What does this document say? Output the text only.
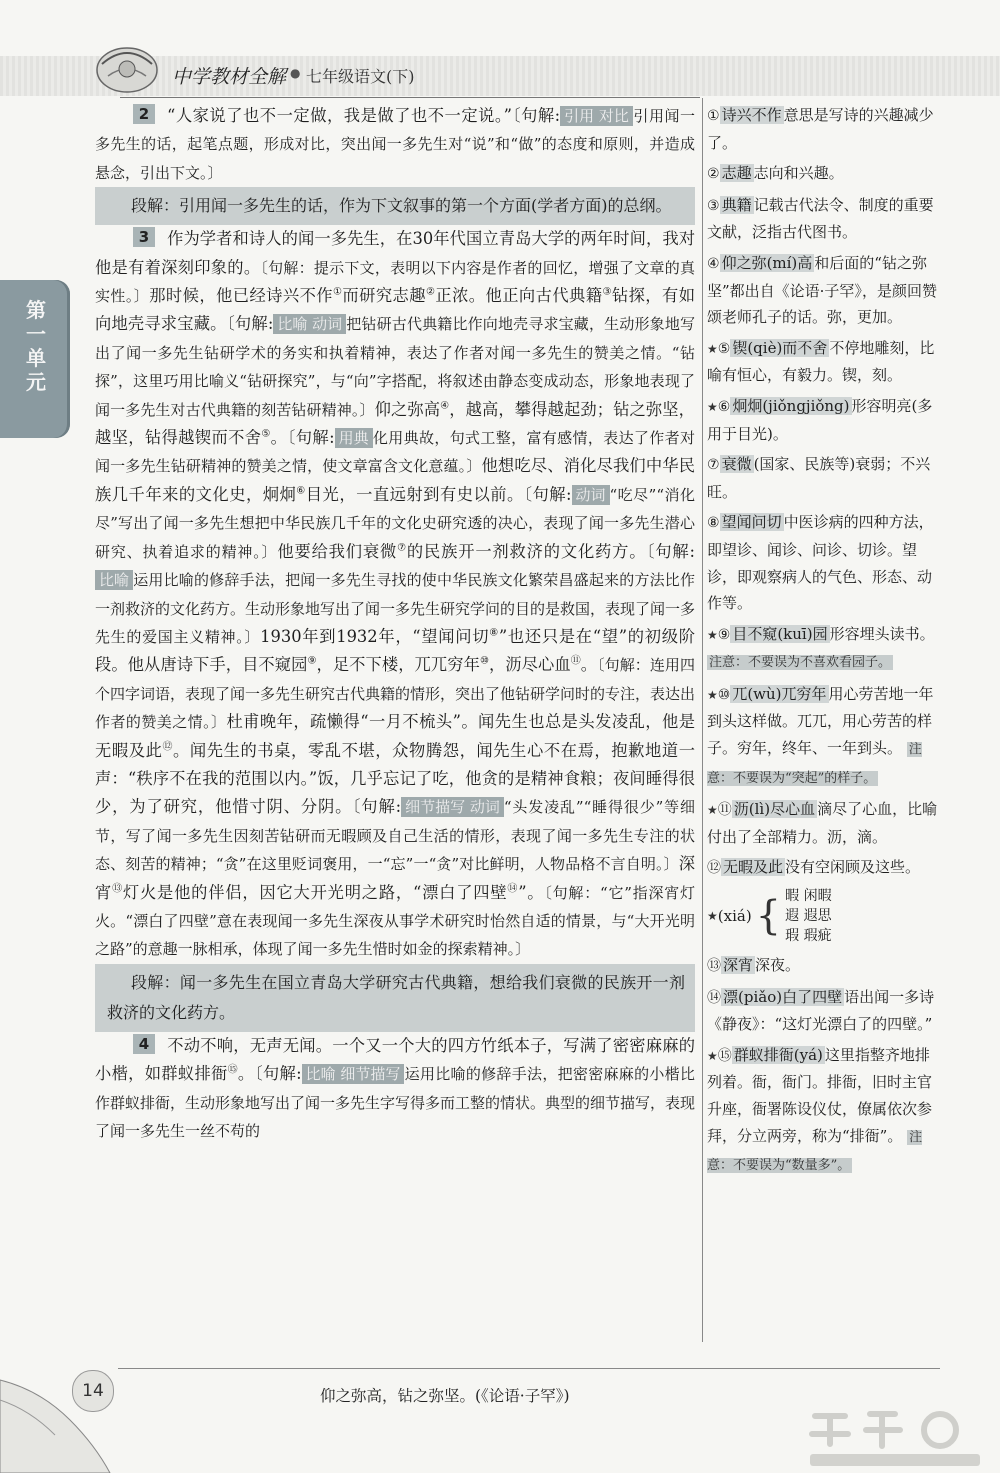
中学教材全解 ● 七年级语文(下)
第一单元

2 “人家说了也不一定做，我是做了也不一定说。”〔句解: 引用 对比 引用闻一多先生的话，起笔点题，形成对比，突出闻一多先生对“说”和“做”的态度和原则，并造成悬念，引出下文。〕

段解：引用闻一多先生的话，作为下文叙事的第一个方面(学者方面)的总纲。

3 作为学者和诗人的闻一多先生，在30年代国立青岛大学的两年时间，我对他是有着深刻印象的。〔句解：提示下文，表明以下内容是作者的回忆，增强了文章的真实性。〕那时候，他已经诗兴不作①而研究志趣②正浓。他正向古代典籍③钻探，有如向地壳寻求宝藏。〔句解: 比喻 动词 把钻研古代典籍比作向地壳寻求宝藏，生动形象地写出了闻一多先生钻研学术的务实和执着精神，表达了作者对闻一多先生的赞美之情。“钻探”，这里巧用比喻义“钻研探究”，与“向”字搭配，将叙述由静态变成动态，形象地表现了闻一多先生对古代典籍的刻苦钻研精神。〕仰之弥高④，越高，攀得越起劲；钻之弥坚，越坚，钻得越锲而不舍⑤。〔句解: 用典 化用典故，句式工整，富有感情，表达了作者对闻一多先生钻研精神的赞美之情，使文章富含文化意蕴。〕他想吃尽、消化尽我们中华民族几千年来的文化史，炯炯⑥目光，一直远射到有史以前。〔句解: 动词 “吃尽”“消化尽”写出了闻一多先生想把中华民族几千年的文化史研究透的决心，表现了闻一多先生潜心研究、执着追求的精神。〕他要给我们衰微⑦的民族开一剂救济的文化药方。〔句解:比喻 运用比喻的修辞手法，把闻一多先生寻找的使中华民族文化繁荣昌盛起来的方法比作一剂救济的文化药方。生动形象地写出了闻一多先生研究学问的目的是救国，表现了闻一多先生的爱国主义精神。〕1930年到1932年，“望闻问切⑧”也还只是在“望”的初级阶段。他从唐诗下手，目不窥园⑨，足不下楼，兀兀穷年⑩，沥尽心血⑪。〔句解：连用四个四字词语，表现了闻一多先生研究古代典籍的情形，突出了他钻研学问时的专注，表达出作者的赞美之情。〕杜甫晚年，疏懒得“一月不梳头”。闻先生也总是头发凌乱，他是无暇及此⑫。闻先生的书桌，零乱不堪，众物腾怨，闻先生心不在焉，抱歉地道一声：“秩序不在我的范围以内。”饭，几乎忘记了吃，他贪的是精神食粮；夜间睡得很少，为了研究，他惜寸阴、分阴。〔句解: 细节描写 动词 “头发凌乱”“睡得很少”等细节，写了闻一多先生因刻苦钻研而无暇顾及自己生活的情形，表现了闻一多先生专注的状态、刻苦的精神；“贪”在这里贬词褒用，一“忘”一“贪”对比鲜明，人物品格不言自明。〕深宵⑬灯火是他的伴侣，因它大开光明之路，“漂白了四壁⑭”。〔句解：“它”指深宵灯火。“漂白了四壁”意在表现闻一多先生深夜从事学术研究时怡然自适的情景，与“大开光明之路”的意趣一脉相承，体现了闻一多先生惜时如金的探索精神。〕

段解：闻一多先生在国立青岛大学研究古代典籍，想给我们衰微的民族开一剂救济的文化药方。

4 不动不响，无声无闻。一个又一个大的四方竹纸本子，写满了密密麻麻的小楷，如群蚁排衙⑮。〔句解: 比喻 细节描写 运用比喻的修辞手法，把密密麻麻的小楷比作群蚁排衙，生动形象地写出了闻一多先生字写得多而工整的情状。典型的细节描写，表现了闻一多先生一丝不苟的

① 诗兴不作 意思是写诗的兴趣减少了。
② 志趣 志向和兴趣。
③ 典籍 记载古代法令、制度的重要文献，泛指古代图书。
④ 仰之弥(mí)高 和后面的“钻之弥坚”都出自《论语·子罕》，是颜回赞颂老师孔子的话。弥，更加。
★⑤ 锲(qiè)而不舍 不停地雕刻，比喻有恒心，有毅力。锲，刻。
★⑥ 炯炯(jiǒngjiǒng) 形容明亮(多用于目光)。
⑦ 衰微 (国家、民族等)衰弱；不兴旺。
⑧ 望闻问切 中医诊病的四种方法，即望诊、闻诊、问诊、切诊。望诊，即观察病人的气色、形态、动作等。
★⑨ 目不窥(kuī)园 形容埋头读书。 注意：不要误为不喜欢看园子。
★⑩ 兀(wù)兀穷年 用心劳苦地一年到头这样做。兀兀，用心劳苦的样子。穷年，终年、一年到头。 注意：不要误为“突起”的样子。
★⑪ 沥(lì)尽心血 滴尽了心血，比喻付出了全部精力。沥，滴。
⑫ 无暇及此 没有空闲顾及这些。
★ (xiá) { 暇 闲暇
遐 遐思
瑕 瑕疵
⑬ 深宵 深夜。
⑭ 漂(piǎo)白了四壁 语出闻一多诗《静夜》：“这灯光漂白了的四壁。”
★⑮ 群蚁排衙(yá) 这里指整齐地排列着。衙，衙门。排衙，旧时主官升座，衙署陈设仪仗，僚属依次参拜，分立两旁，称为“排衙”。 注意：不要误为“数量多”。
14	仰之弥高，钻之弥坚。(《论语·子罕》)
